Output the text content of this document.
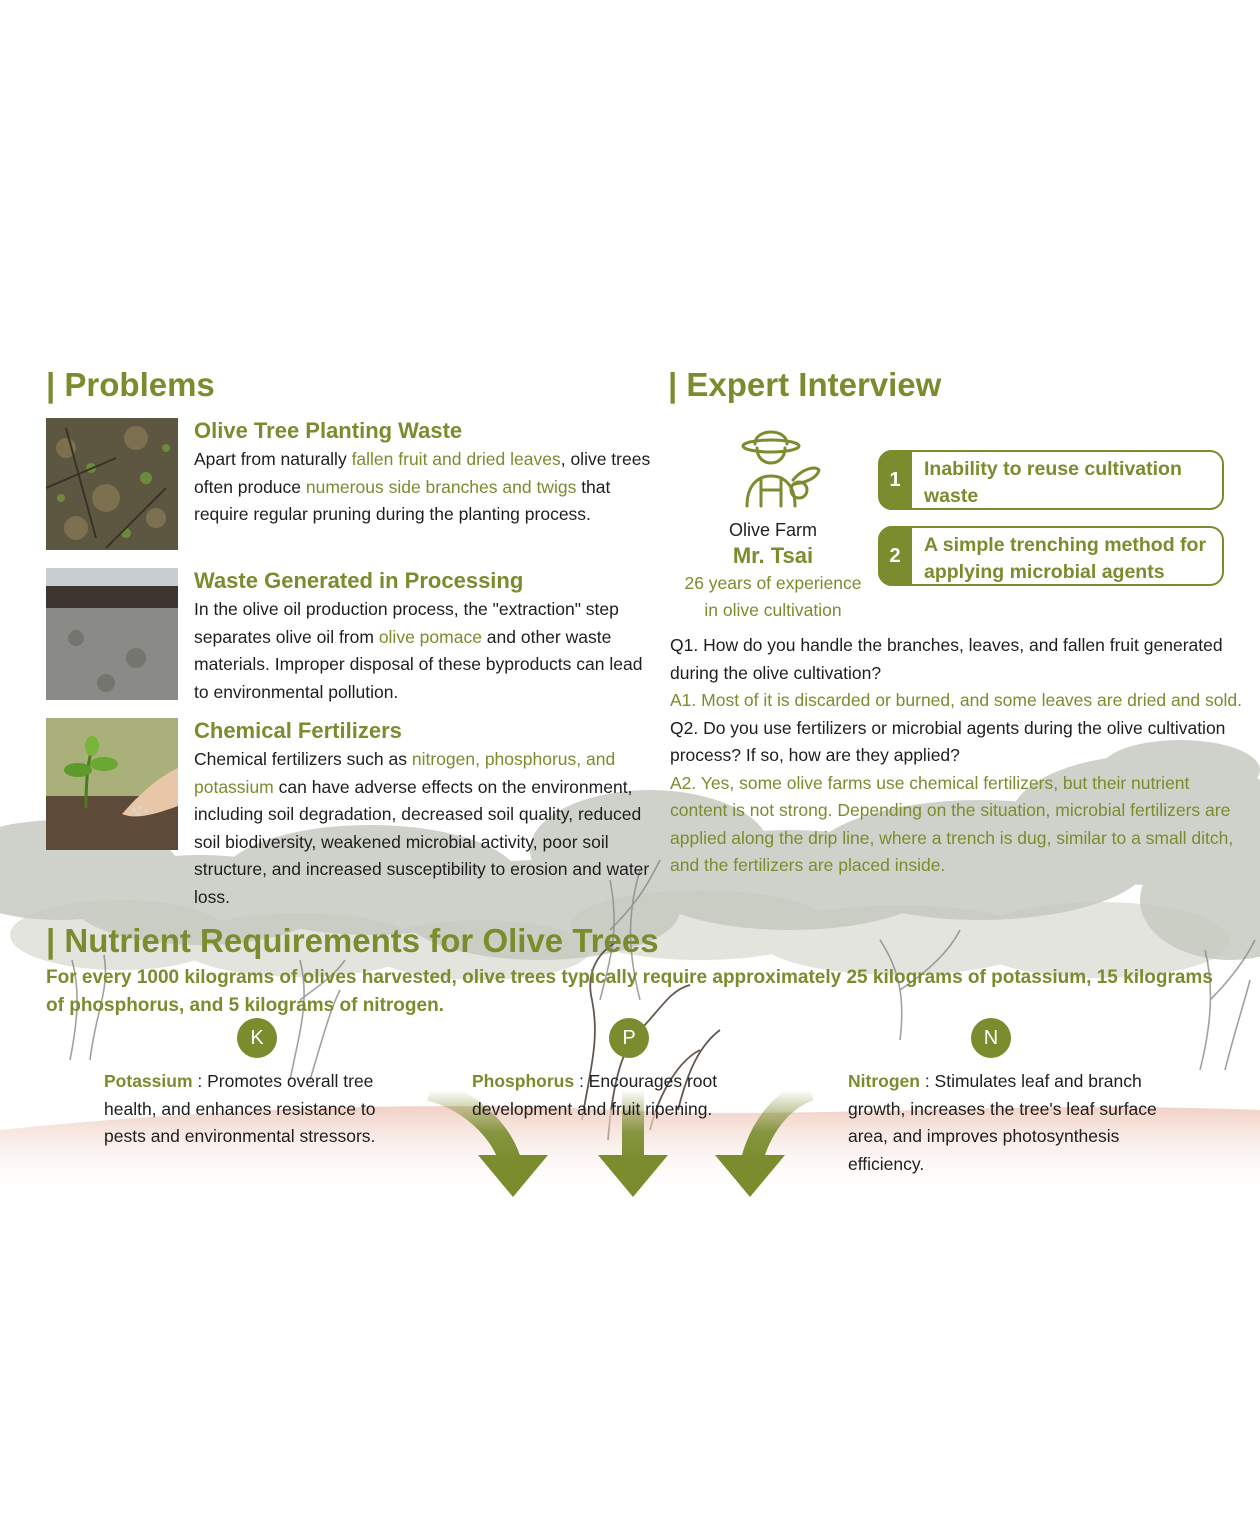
| Problems
Olive Tree Planting Waste

Apart from naturally fallen fruit and dried leaves, olive trees often produce numerous side branches and twigs that require regular pruning during the planting process.

Waste Generated in Processing

In the olive oil production process, the "extraction" step separates olive oil from olive pomace and other waste materials. Improper disposal of these byproducts can lead to environmental pollution.

Chemical Fertilizers

Chemical fertilizers such as nitrogen, phosphorus, and potassium can have adverse effects on the environment, including soil degradation, decreased soil quality, reduced soil biodiversity, weakened microbial activity, poor soil structure, and increased susceptibility to erosion and water loss.

| Expert Interview
Olive Farm
Mr. Tsai
26 years of experience
in olive cultivation
1	Inability to reuse cultivation waste
2	A simple trenching method for applying microbial agents

Q1. How do you handle the branches, leaves, and fallen fruit generated during the olive cultivation?

A1. Most of it is discarded or burned, and some leaves are dried and sold.

Q2. Do you use fertilizers or microbial agents during the olive cultivation process? If so, how are they applied?

A2. Yes, some olive farms use chemical fertilizers, but their nutrient content is not strong. Depending on the situation, microbial fertilizers are applied along the drip line, where a trench is dug, similar to a small ditch, and the fertilizers are placed inside.

| Nutrient Requirements for Olive Trees

For every 1000 kilograms of olives harvested, olive trees typically require approximately 25 kilograms of potassium, 15 kilograms of phosphorus, and 5 kilograms of nitrogen.

K	P	N

Potassium : Promotes overall tree health, and enhances resistance to pests and environmental stressors.

Phosphorus : Encourages root development and fruit ripening.

Nitrogen : Stimulates leaf and branch growth, increases the tree's leaf surface area, and improves photosynthesis efficiency.
